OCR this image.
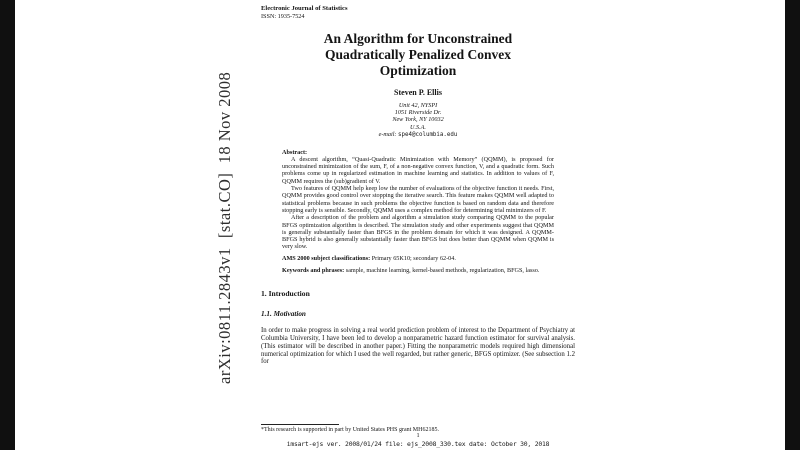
arXiv:0811.2843v1  [stat.CO]  18 Nov 2008
Electronic Journal of Statistics
ISSN: 1935-7524
An Algorithm for Unconstrained
Quadratically Penalized Convex
Optimization
Steven P. Ellis
Unit 42, NYSPI
1051 Riverside Dr.
New York, NY 10032
U.S.A.
e-mail: spe4@columbia.edu
Abstract:

A descent algorithm, “Quasi-Quadratic Minimization with Memory” (QQMM), is proposed for unconstrained minimization of the sum, F, of a non-negative convex function, V, and a quadratic form. Such problems come up in regularized estimation in machine learning and statistics. In addition to values of F, QQMM requires the (sub)gradient of V.

Two features of QQMM help keep low the number of evaluations of the objective function it needs. First, QQMM provides good control over stopping the iterative search. This feature makes QQMM well adapted to statistical problems because in such problems the objective function is based on random data and therefore stopping early is sensible. Secondly, QQMM uses a complex method for determining trial minimizers of F.

After a description of the problem and algorithm a simulation study comparing QQMM to the popular BFGS optimization algorithm is described. The simulation study and other experiments suggest that QQMM is generally substantially faster than BFGS in the problem domain for which it was designed. A QQMM-BFGS hybrid is also generally substantially faster than BFGS but does better than QQMM when QQMM is very slow.

AMS 2000 subject classifications: Primary 65K10; secondary 62-04.

Keywords and phrases: sample, machine learning, kernel-based methods, regularization, BFGS, lasso.

1. Introduction
1.1. Motivation

In order to make progress in solving a real world prediction problem of interest to the Department of Psychiatry at Columbia University, I have been led to develop a nonparametric hazard function estimator for survival analysis. (This estimator will be described in another paper.) Fitting the nonparametric models required high dimensional numerical optimization for which I used the well regarded, but rather generic, BFGS optimizer. (See subsection 1.2 for

*This research is supported in part by United States PHS grant MH62185.
1
imsart-ejs ver. 2008/01/24 file: ejs_2008_330.tex date: October 30, 2018
